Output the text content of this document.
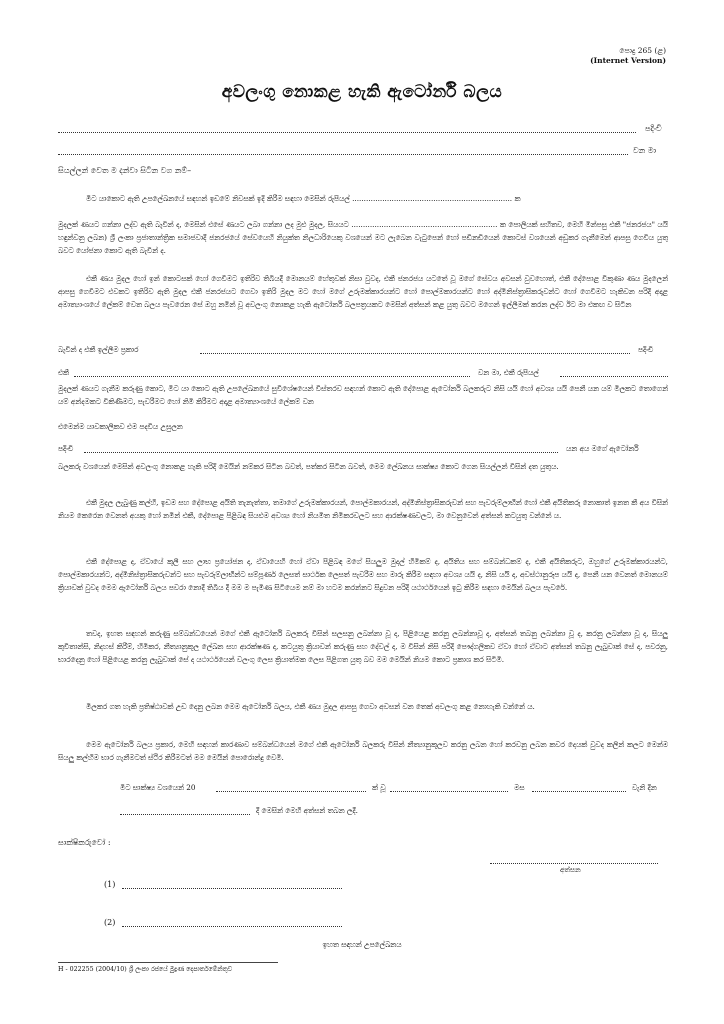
පොදු 265 (ළ)
(Internet Version)
අවලංගු නොකළ හැකි ඇටෝර්නි බලය
පදිංචි
වන මා
සියල්ලන් වෙත ම දන්වා සිටින වග නම්–
මීට යාකොට ඇති උපලේඛනයේ සඳහන් ඉඩමේ නිවසක් ඉදි කිරීම සඳහා මෙසින් රුපියල් ..................................................................... ක
මුදලක් ණයට ගන්නා ලද්ව ඇති බැවින් ද, මෙසින් එසේ ණයට ලබා ගන්නා ලද මුළු මුදල, සියයට ............................................................... ක පොලියක් සහිතව, මෙහි මින්පසු එකී "ජනරජය" යයි හඳුන්වනු ලබන) ශ්‍රී ලංකා ප්‍රජාතාන්ත්‍රික සමාජවාදී ජනරජයේ සේවයෙහි නියුක්ත නිලධාරියෙකු වශයෙන් මට ලැබෙන වැටුපෙන් හෝ පඩිනඩියෙන් කොටස් වශයෙන් අඩුකර ගැනීමෙන් ආපසු ගෙවිය යුතු බවට යෝජනා කොට ඇති බැවින් ද.
එකී ණය මුදල හෝ ඉන් කොටසක් හෝ ගෙවීමට ඉතිරිව තිබියදී මොනයම් හේතුවක් නිසා වුවද, එකී ජනරජය යටතේ වූ මගේ සේවය අවසන් වුවහොත්, එකී දේපොළ විකුණා ණය මුදලෙන් ආපසු ගෙවීමට එවකට ඉතිරිව ඇති මුදල එකී ජනරජයට ගෙවා ඉතිරි මුදල මට හෝ මගේ උරුමක්කාරයන්ට හෝ පොල්මකාරයන්ට හෝ අද්මිනිස්ත්‍රාසිකරුවන්ට හෝ ගෙවීමට හැකිවන පරිදි අදාළ අමාත්‍යාංශයේ ලේකම් වෙත බලය පැවරෙන සේ ඔහු නමින් වූ අවලංගු නොකළ හැකි ඇටෝර්නි බලපත්‍රයකට මෙසින් අත්සන් කළ යුතු බවට මගෙන් ඉල්ලීමක් කරන ලද්ව ඊට මා එකඟ ව සිටින
බැවින් ද එකී ඉල්ලීම ප්‍රකාර	පදිංචි
එකී	වන මා, එකී රුපියල්
මුදලක් ණයට ගැනීම කරුණු කොට, මීට යා කොට ඇති උපලේඛනයේ සුවිශේෂයෙන් විස්තරව සඳහන් කොට ඇති දේපොළ ඇටෝර්නි බලකරුට නිසි යයි හෝ අවශ්‍ය යයි පෙනී යන යම් මිලකට තොගෙන් යම් අන්දමකට විකිණීමට, පැවරීමට හෝ නිමි කිරීමට අදාළ අමාත්‍යාංශයේ ලේකම් වන
එමෙන්ම යාවකාලිකව එම පදවිය උසුලන
පදිංචි	යන අය මගේ ඇටෝර්නි
බලකරු වශයෙන් මෙසින් අවලංගු නොකළ හැකි පරිදි මෙයින් නම්කර සිටින බවත්, පත්කර සිටින බවත්, මෙම ලේඛනය සාක්ෂ්‍ය කොට ගෙන සියල්ලන් විසින් දත යුතුය.
එකී මුදල ලැබුණු කල්හි, ඉඩම සහ දේපොළ අයිති තැනැත්තා, තමාගේ උරුමක්කාරයන්, පොල්මකාරයන්, අද්මිනිස්ත්‍රාසිකරුවන් සහ පැවරුම්ලාභීන් හෝ එකී අයිතිකරු නොකාත් ඉනත කී අය විසින් නියම කෙරෙන වෙනත් අයකු හෝ නමින් එකී, දේපොළ පිළිබඳ සියළුම අවශ්‍ය හෝ නියමිත නිමිකරවලට සහ ආරක්ෂණවලට, මා වෙනුවෙන් අත්සන් කටයුතු වන්නේ ය.
එකී දේපොළ ද, ඒවායේ කුලී සහ ලාභ ප්‍රයෝජන ද, ඒවායෙහි හෝ ඒවා පිළිබඳ මගේ සියලුම මුදල් හිමිකම් ද, අයිතිය සහ සම්බන්ධකම් ද, එකී අයිතිකරුට, ඔහුගේ උරුමක්කාරයන්ට, පොල්මකාරයන්ට, අද්මිනිස්ත්‍රාසිකරුවන්ට සහ පැවරුම්ලාභීන්ට සම්පූර්ණ ලෙසත් සාර්ථක ලෙසත් පැවරීම සහ මාරු කිරීම සඳහා අවශ්‍ය යයි ද, නිසි යයි ද, අවස්ථානුරූප යයි ද, පෙනී යන වෙනත් මොනයම් ක්‍රියාවක් වුවද මෙම ඇටෝර්නි බලය පවරා නොදී තිබිය දී මම ම පැමිණ සිටියෙම නම් මා හටම කරන්නට සිදුවන පරිදි යථාර්ථයෙන් ඉටු කිරීම සඳහා මෙයින් බලය පැවරේ.
තවද, ඉහත සඳහන් කරුණු සම්බන්ධයෙන් මගේ එකී ඇටෝර්නි බලකරු විසින් සලසනු ලබන්නා වූ ද, පිළියෙළ කරනු ලබන්නාවූ ද, අත්සන් තබනු ලබන්නා වූ ද, කරනු ලබන්නා වූ ද, සියලු කුවිතාන්සි, නිදහස් කිරීම්, හිමිකර, නීත්‍යානුකූල ලේඛන සහ ආරක්ෂණ ද, කටයුතු ක්‍රියාවන් කරුණු සහ දේවල් ද, ම විසින් නිසි පරිදි පෞද්ගලිකව ඒවා හෝ ඒවාට අත්සන් තබනු ලැබුවාක් සේ ද, පවරනු, භාරදෙනු හෝ පිළියෙළ කරනු ලැබුවාක් සේ ද යථාර්ථයෙන් වලංගු ලෙස ක්‍රියාත්මක ලෙස පිළිගත යුතු බව මම මෙයින් නියම කොට ප්‍රකාශ කර සිටිමි.
මිලකර ගත හැකි ප්‍රතිෂ්ඨාවක් උඩ දෙනු ලබන මෙම ඇටෝර්නි බලය, එකී ණය මුදල ආපසු ගෙවා අවසන් වන තෙක් අවලංගු කළ නොහැකි වන්නේ ය.
මෙම ඇටෝර්නි බලය ප්‍රකාර, මෙහි සඳහන් කාරණාව සම්බන්ධයෙන් මගේ එකී ඇටෝර්නි බලකරු විසින් නීත්‍යානුකූලව කරනු ලබන හෝ කරවනු ලබන කවර දෙයක් වුවද කලින් කලට මෙන්ම සියලු කල්හිම භාර ගැනීමටත් ස්ථිර කිරීමටත් මම මෙයින් පොරොන්දු වෙමි.
මීට සාක්ෂ්‍ය වශයෙන් 20	ක් වූ	මස	වැනි දින
දී මෙසින් මෙහි අත්සන් තබන ලදී.
සාක්ෂිකරුවෝ :
අත්සන
(1)
(2)
ඉහත සඳහන් උපලේඛනය
H - 022255 (2004/10) ශ්‍රී ලංකා රජයේ මුද්‍රණ දෙපාර්තමේන්තුව
